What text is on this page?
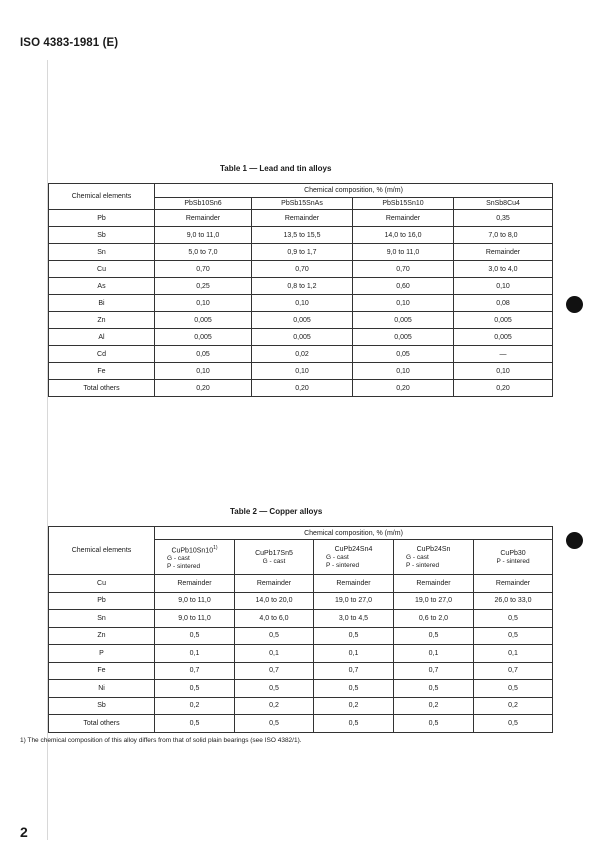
ISO 4383-1981 (E)
Table 1 — Lead and tin alloys
Chemical elements	Chemical composition, % (m/m)			
	PbSb10Sn6	PbSb15SnAs	PbSb15Sn10	SnSb8Cu4
Pb	Remainder	Remainder	Remainder	0,35
Sb	9,0 to 11,0	13,5 to 15,5	14,0 to 16,0	7,0 to 8,0
Sn	5,0 to 7,0	0,9 to 1,7	9,0 to 11,0	Remainder
Cu	0,70	0,70	0,70	3,0 to 4,0
As	0,25	0,8 to 1,2	0,60	0,10
Bi	0,10	0,10	0,10	0,08
Zn	0,005	0,005	0,005	0,005
Al	0,005	0,005	0,005	0,005
Cd	0,05	0,02	0,05	—
Fe	0,10	0,10	0,10	0,10
Total others	0,20	0,20	0,20	0,20
Table 2 — Copper alloys
Chemical elements	Chemical composition, % (m/m)				

	CuPb10Sn10$^{1)}$
G - cast
P - sintered	CuPb17Sn5
G - cast	CuPb24Sn4
G - cast
P - sintered	CuPb24Sn
G - cast
P - sintered	CuPb30
P - sintered

Cu	Remainder	Remainder	Remainder	Remainder	Remainder
Pb	9,0 to 11,0	14,0 to 20,0	19,0 to 27,0	19,0 to 27,0	26,0 to 33,0
Sn	9,0 to 11,0	4,0 to 6,0	3,0 to 4,5	0,6 to 2,0	0,5
Zn	0,5	0,5	0,5	0,5	0,5
P	0,1	0,1	0,1	0,1	0,1
Fe	0,7	0,7	0,7	0,7	0,7
Ni	0,5	0,5	0,5	0,5	0,5
Sb	0,2	0,2	0,2	0,2	0,2
Total others	0,5	0,5	0,5	0,5	0,5
1) The chemical composition of this alloy differs from that of solid plain bearings (see ISO 4382/1).
2
